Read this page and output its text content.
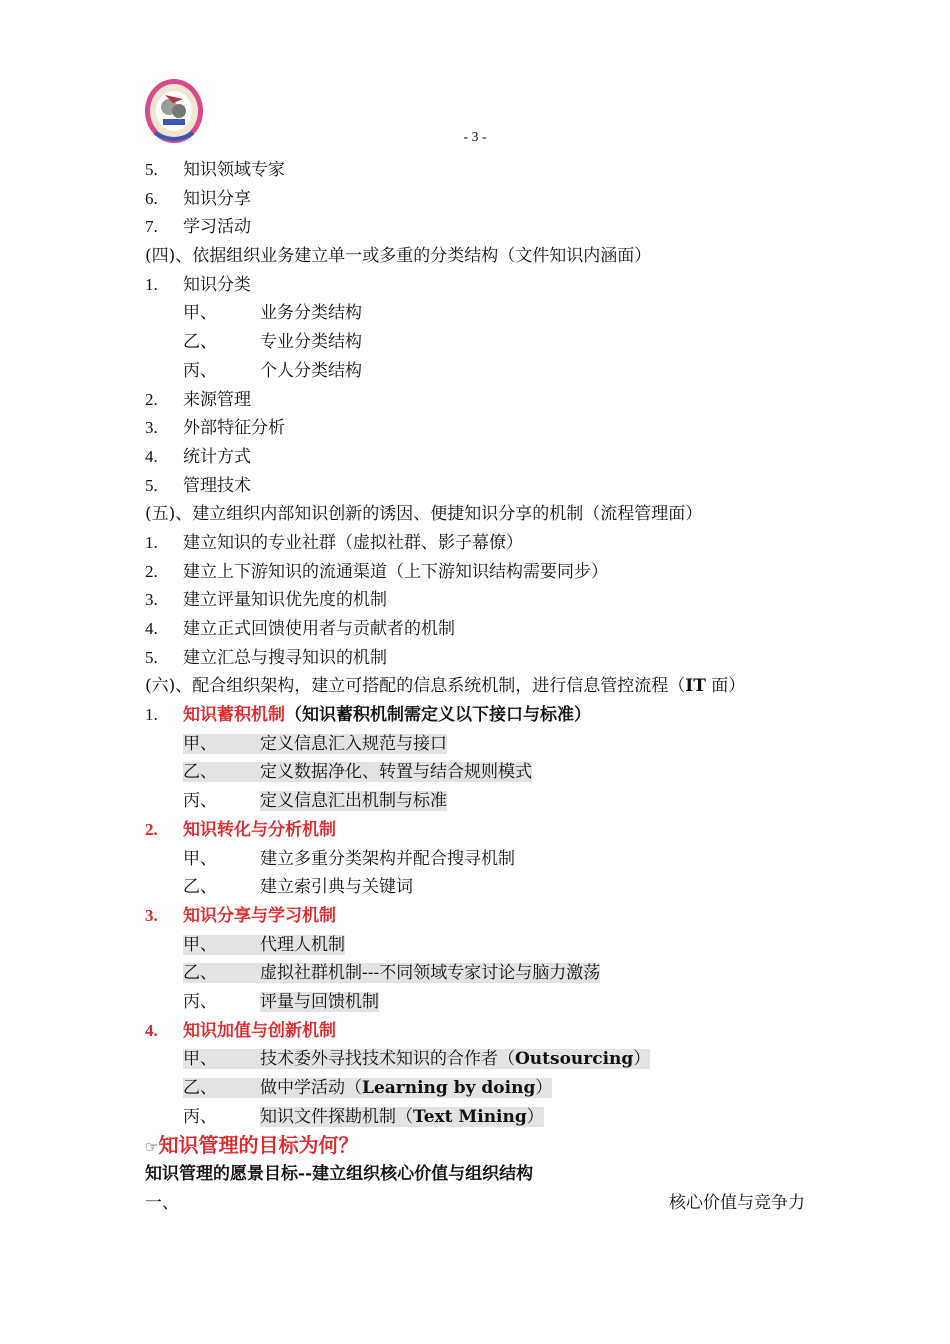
- 3 -
5. 知识领域专家
6. 知识分享
7. 学习活动
(四)、依据组织业务建立单一或多重的分类结构（文件知识内涵面）
1. 知识分类
甲、	业务分类结构
乙、	专业分类结构
丙、	个人分类结构
2. 来源管理
3. 外部特征分析
4. 统计方式
5. 管理技术
(五)、建立组织内部知识创新的诱因、便捷知识分享的机制（流程管理面）
1. 建立知识的专业社群（虚拟社群、影子幕僚）
2. 建立上下游知识的流通渠道（上下游知识结构需要同步）
3. 建立评量知识优先度的机制
4. 建立正式回馈使用者与贡献者的机制
5. 建立汇总与搜寻知识的机制
(六)、配合组织架构，建立可搭配的信息系统机制，进行信息管控流程（IT 面）
1. 知识蓄积机制（知识蓄积机制需定义以下接口与标准）
甲、	定义信息汇入规范与接口
乙、	定义数据净化、转置与结合规则模式
丙、	定义信息汇出机制与标准
2. 知识转化与分析机制
甲、	建立多重分类架构并配合搜寻机制
乙、	建立索引典与关键词
3. 知识分享与学习机制
甲、	代理人机制
乙、	虚拟社群机制---不同领域专家讨论与脑力激荡
丙、	评量与回馈机制
4. 知识加值与创新机制
甲、	技术委外寻找技术知识的合作者（Outsourcing）
乙、	做中学活动（Learning by doing）
丙、	知识文件探勘机制（Text Mining）
☞知识管理的目标为何？
知识管理的愿景目标--建立组织核心价值与组织结构
一、	核心价值与竞争力
